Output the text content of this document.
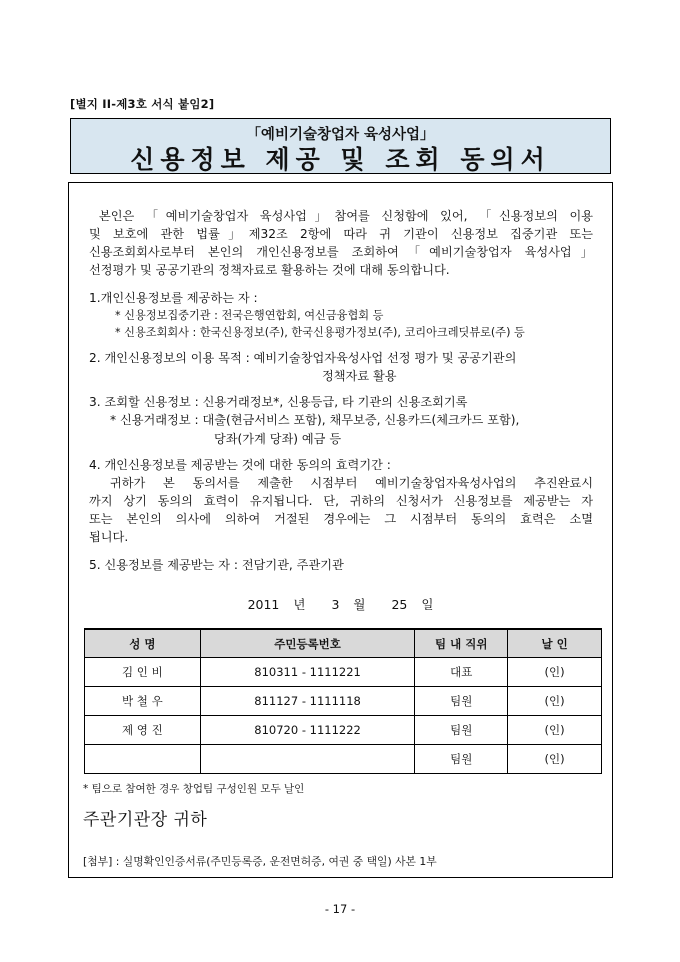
[별지 II-제3호 서식 붙임2]
「예비기술창업자 육성사업」
신용정보 제공 및 조회 동의서
본인은 「예비기술창업자 육성사업」참여를 신청함에 있어, 「신용정보의 이용
및 보호에 관한 법률」제32조 2항에 따라 귀 기관이 신용정보 집중기관 또는
신용조회회사로부터 본인의 개인신용정보를 조회하여「예비기술창업자 육성사업」
선정평가 및 공공기관의 정책자료로 활용하는 것에 대해 동의합니다.
1.개인신용정보를 제공하는 자 :
* 신용정보집중기관 : 전국은행연합회, 여신금융협회 등
* 신용조회회사 : 한국신용정보(주), 한국신용평가정보(주), 코리아크레딧뷰로(주) 등
2. 개인신용정보의 이용 목적 : 예비기술창업자육성사업 선정 평가 및 공공기관의
정책자료 활용
3. 조회할 신용정보 : 신용거래정보*, 신용등급, 타 기관의 신용조회기록
* 신용거래정보 : 대출(현금서비스 포함), 채무보증, 신용카드(체크카드 포함),
당좌(가계 당좌) 예금 등
4. 개인신용정보를 제공받는 것에 대한 동의의 효력기간 :
귀하가 본 동의서를 제출한 시점부터 예비기술창업자육성사업의 추진완료시
까지 상기 동의의 효력이 유지됩니다. 단, 귀하의 신청서가 신용정보를 제공받는 자
또는 본인의 의사에 의하여 거절된 경우에는 그 시점부터 동의의 효력은 소멸
됩니다.
5. 신용정보를 제공받는 자 : 전담기관, 주관기관
2011 년 3 월 25 일
성 명	주민등록번호	팀 내 직위	날 인
김 인 비	810311 - 1111221	대표	(인)
박 철 우	811127 - 1111118	팀원	(인)
제 영 진	810720 - 1111222	팀원	(인)
		팀원	(인)
* 팀으로 참여한 경우 창업팀 구성인원 모두 날인
주관기관장 귀하
[첨부] : 실명확인인증서류(주민등록증, 운전면허증, 여권 중 택일) 사본 1부
- 17 -
